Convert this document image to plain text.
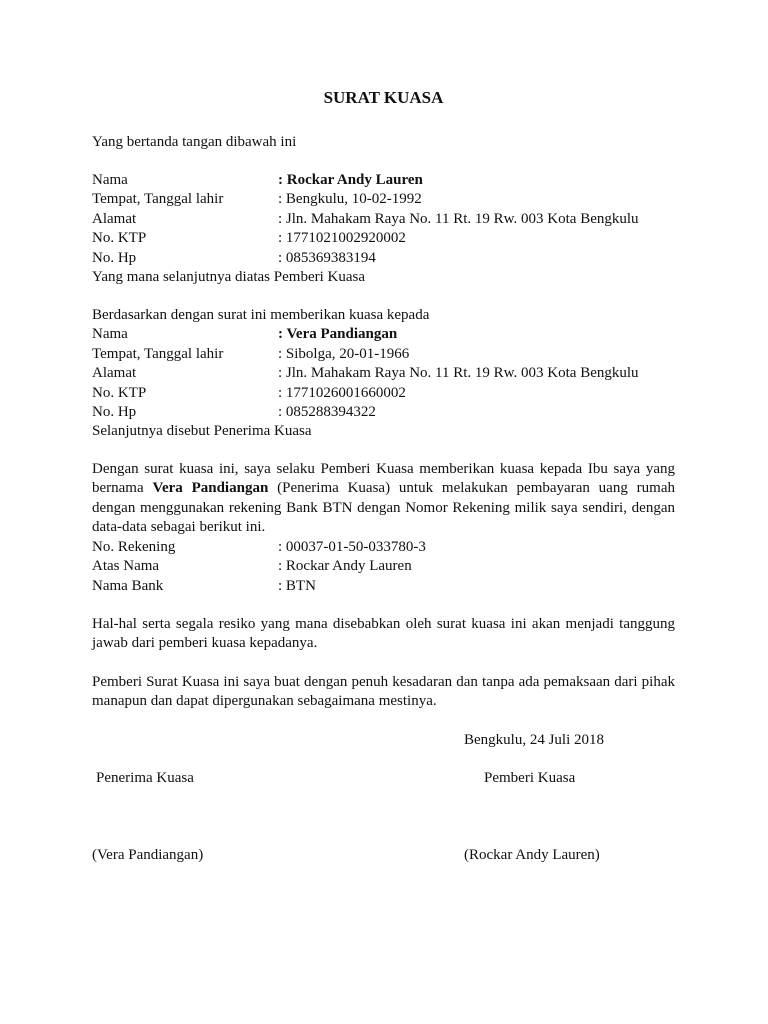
SURAT KUASA
Yang bertanda tangan dibawah ini
Nama	: Rockar Andy Lauren
Tempat, Tanggal lahir	: Bengkulu, 10-02-1992
Alamat	: Jln. Mahakam Raya No. 11 Rt. 19 Rw. 003 Kota Bengkulu
No. KTP	: 1771021002920002
No. Hp	: 085369383194
Yang mana selanjutnya diatas Pemberi Kuasa
Berdasarkan dengan surat ini memberikan kuasa kepada
Nama	: Vera Pandiangan
Tempat, Tanggal lahir	: Sibolga, 20-01-1966
Alamat	: Jln. Mahakam Raya No. 11 Rt. 19 Rw. 003 Kota Bengkulu
No. KTP	: 1771026001660002
No. Hp	: 085288394322
Selanjutnya disebut Penerima Kuasa
Dengan surat kuasa ini, saya selaku Pemberi Kuasa memberikan kuasa kepada Ibu saya yang bernama Vera Pandiangan (Penerima Kuasa) untuk melakukan pembayaran uang rumah dengan menggunakan rekening Bank BTN dengan Nomor Rekening milik saya sendiri, dengan data-data sebagai berikut ini.
No. Rekening	: 00037-01-50-033780-3
Atas Nama	: Rockar Andy Lauren
Nama Bank	: BTN
Hal-hal serta segala resiko yang mana disebabkan oleh surat kuasa ini akan menjadi tanggung jawab dari pemberi kuasa kepadanya.
Pemberi Surat Kuasa ini saya buat dengan penuh kesadaran dan tanpa ada pemaksaan dari pihak manapun dan dapat dipergunakan sebagaimana mestinya.
Bengkulu, 24 Juli 2018
Penerima Kuasa	Pemberi Kuasa
(Vera Pandiangan)	(Rockar Andy Lauren)
